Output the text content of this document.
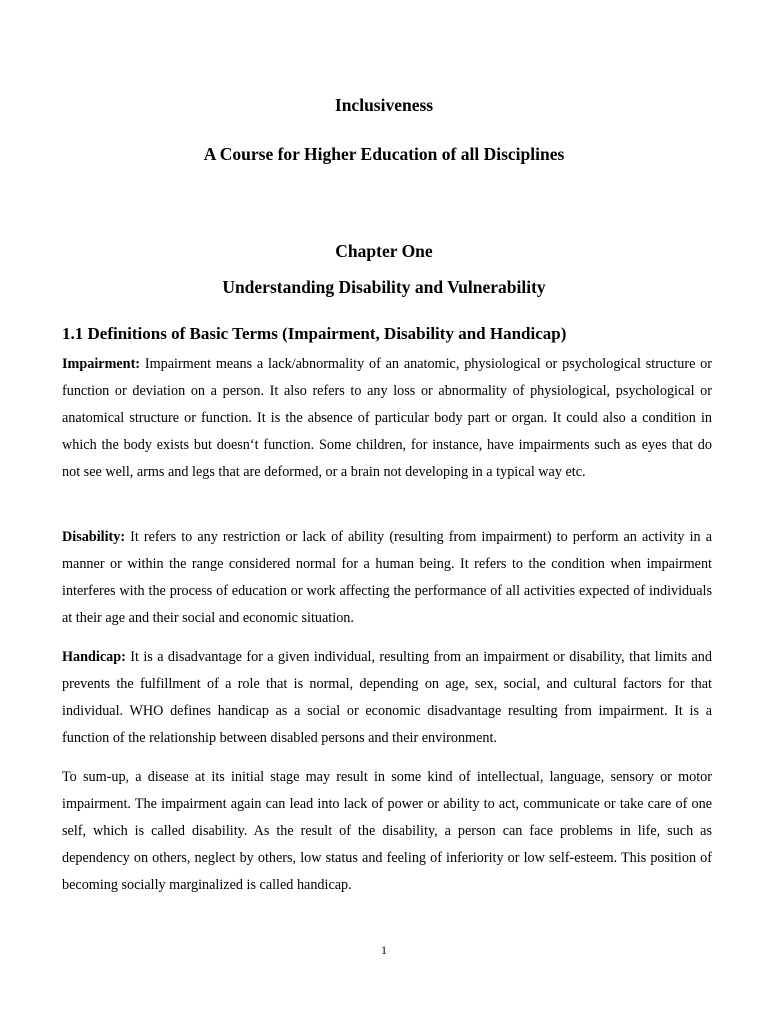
Inclusiveness
A Course for Higher Education of all Disciplines
Chapter One
Understanding Disability and Vulnerability
1.1 Definitions of Basic Terms (Impairment, Disability and Handicap)

Impairment: Impairment means a lack/abnormality of an anatomic, physiological or psychological structure or function or deviation on a person. It also refers to any loss or abnormality of physiological, psychological or anatomical structure or function. It is the absence of particular body part or organ. It could also a condition in which the body exists but doesn‘t function. Some children, for instance, have impairments such as eyes that do not see well, arms and legs that are deformed, or a brain not developing in a typical way etc.

Disability: It refers to any restriction or lack of ability (resulting from impairment) to perform an activity in a manner or within the range considered normal for a human being. It refers to the condition when impairment interferes with the process of education or work affecting the performance of all activities expected of individuals at their age and their social and economic situation.

Handicap: It is a disadvantage for a given individual, resulting from an impairment or disability, that limits and prevents the fulfillment of a role that is normal, depending on age, sex, social, and cultural factors for that individual. WHO defines handicap as a social or economic disadvantage resulting from impairment. It is a function of the relationship between disabled persons and their environment.

To sum-up, a disease at its initial stage may result in some kind of intellectual, language, sensory or motor impairment. The impairment again can lead into lack of power or ability to act, communicate or take care of one self, which is called disability. As the result of the disability, a person can face problems in life, such as dependency on others, neglect by others, low status and feeling of inferiority or low self-esteem. This position of becoming socially marginalized is called handicap.

1
